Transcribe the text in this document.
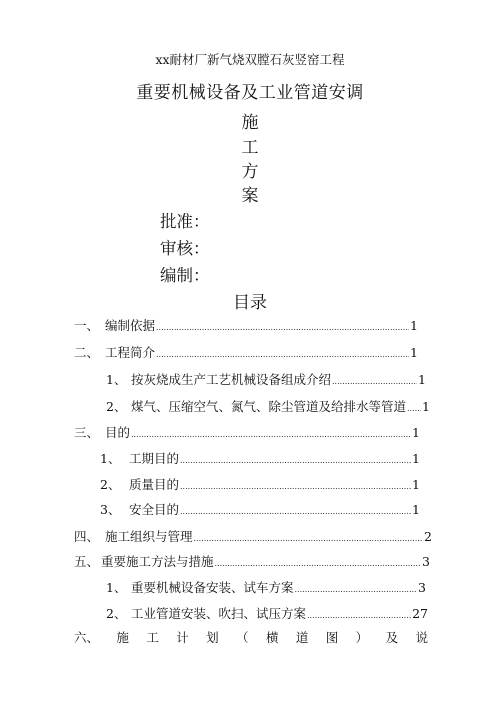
xx耐材厂新气烧双膛石灰竖窑工程
重要机械设备及工业管道安调
施
工
方
案
批准：
审核：
编制：
目录
一、 编制依据 .....	1
二、 工程简介 .....	1
1、 按灰烧成生产工艺机械设备组成介绍 .....	1
2、 煤气、压缩空气、氮气、除尘管道及给排水等管道 ..... 1
三、 目的 .....	1
1、 工期目的 .....	1
2、 质量目的 .....	1
3、 安全目的 .....	1
四、 施工组织与管理 .....	2
五、 重要施工方法与措施 .....	3
1、 重要机械设备安装、试车方案 .....	3
2、 工业管道安装、吹扫、试压方案 .....	27
六、 施 工 计 划 （ 横 道 图 ） 及 说
